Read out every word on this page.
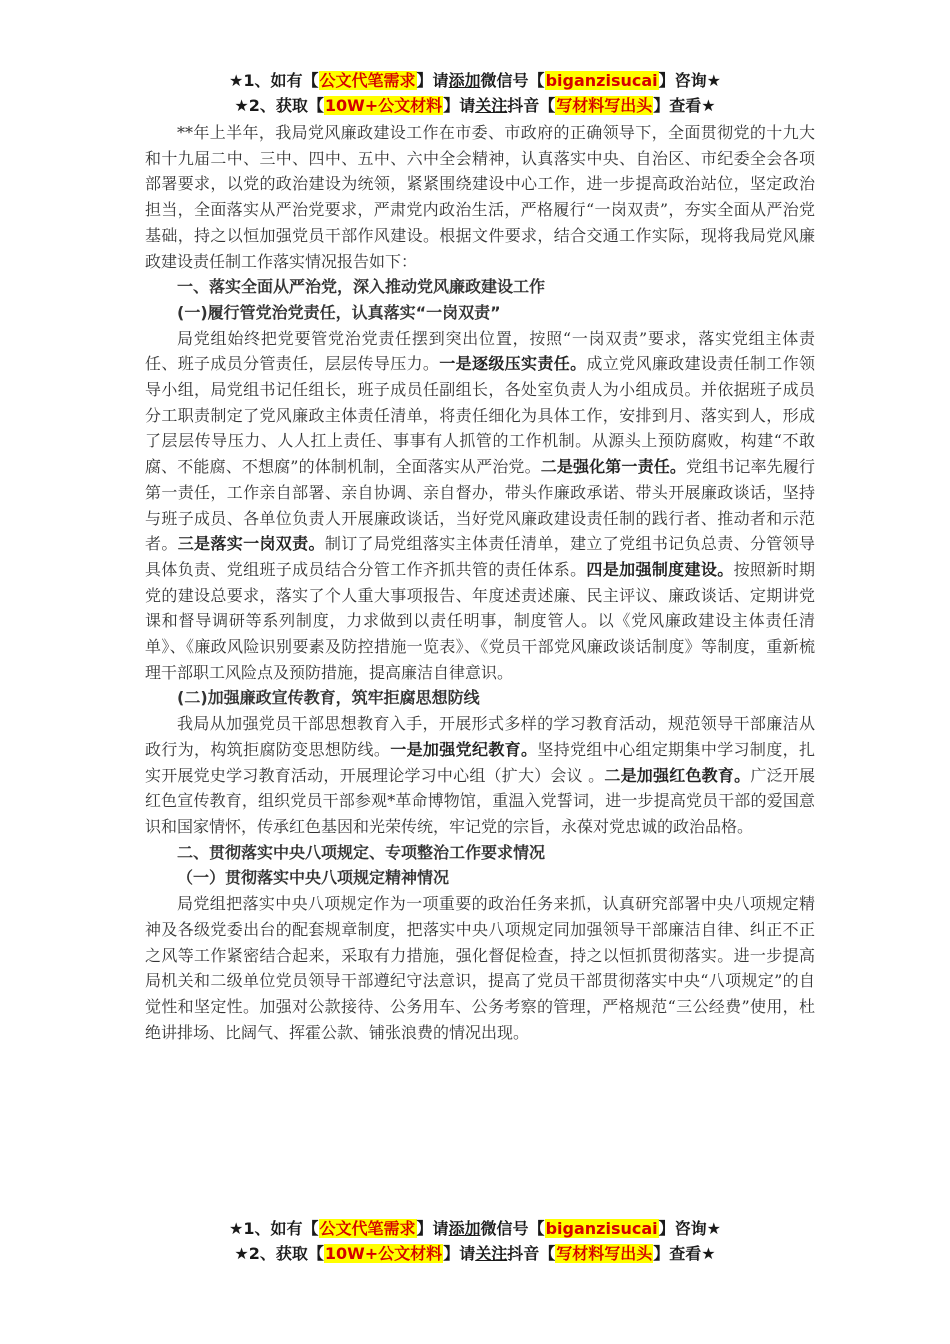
★1、如有【公文代笔需求】请添加微信号【biganzisucai】咨询★
★2、获取【10W+公文材料】请关注抖音【写材料写出头】查看★

**年上半年，我局党风廉政建设工作在市委、市政府的正确领导下，全面贯彻党的十九大和十九届二中、三中、四中、五中、六中全会精神，认真落实中央、自治区、市纪委全会各项部署要求，以党的政治建设为统领，紧紧围绕建设中心工作，进一步提高政治站位，坚定政治担当，全面落实从严治党要求，严肃党内政治生活，严格履行“一岗双责”，夯实全面从严治党基础，持之以恒加强党员干部作风建设。根据文件要求，结合交通工作实际，现将我局党风廉政建设责任制工作落实情况报告如下：

一、落实全面从严治党，深入推动党风廉政建设工作

(一)履行管党治党责任，认真落实“一岗双责”

局党组始终把党要管党治党责任摆到突出位置，按照“一岗双责”要求，落实党组主体责任、班子成员分管责任，层层传导压力。一是逐级压实责任。成立党风廉政建设责任制工作领导小组，局党组书记任组长，班子成员任副组长，各处室负责人为小组成员。并依据班子成员分工职责制定了党风廉政主体责任清单，将责任细化为具体工作，安排到月、落实到人，形成了层层传导压力、人人扛上责任、事事有人抓管的工作机制。从源头上预防腐败，构建“不敢腐、不能腐、不想腐”的体制机制，全面落实从严治党。二是强化第一责任。党组书记率先履行第一责任，工作亲自部署、亲自协调、亲自督办，带头作廉政承诺、带头开展廉政谈话，坚持与班子成员、各单位负责人开展廉政谈话，当好党风廉政建设责任制的践行者、推动者和示范者。三是落实一岗双责。制订了局党组落实主体责任清单，建立了党组书记负总责、分管领导具体负责、党组班子成员结合分管工作齐抓共管的责任体系。四是加强制度建设。按照新时期党的建设总要求，落实了个人重大事项报告、年度述责述廉、民主评议、廉政谈话、定期讲党课和督导调研等系列制度，力求做到以责任明事，制度管人。以《党风廉政建设主体责任清单》、《廉政风险识别要素及防控措施一览表》、《党员干部党风廉政谈话制度》等制度，重新梳理干部职工风险点及预防措施，提高廉洁自律意识。

(二)加强廉政宣传教育，筑牢拒腐思想防线

我局从加强党员干部思想教育入手，开展形式多样的学习教育活动，规范领导干部廉洁从政行为，构筑拒腐防变思想防线。一是加强党纪教育。坚持党组中心组定期集中学习制度，扎实开展党史学习教育活动，开展理论学习中心组（扩大）会议 。二是加强红色教育。广泛开展红色宣传教育，组织党员干部参观*革命博物馆，重温入党誓词，进一步提高党员干部的爱国意识和国家情怀，传承红色基因和光荣传统，牢记党的宗旨，永葆对党忠诚的政治品格。

二、贯彻落实中央八项规定、专项整治工作要求情况

（一）贯彻落实中央八项规定精神情况

局党组把落实中央八项规定作为一项重要的政治任务来抓，认真研究部署中央八项规定精神及各级党委出台的配套规章制度，把落实中央八项规定同加强领导干部廉洁自律、纠正不正之风等工作紧密结合起来，采取有力措施，强化督促检查，持之以恒抓贯彻落实。进一步提高局机关和二级单位党员领导干部遵纪守法意识，提高了党员干部贯彻落实中央“八项规定”的自觉性和坚定性。加强对公款接待、公务用车、公务考察的管理，严格规范“三公经费”使用，杜绝讲排场、比阔气、挥霍公款、铺张浪费的情况出现。

★1、如有【公文代笔需求】请添加微信号【biganzisucai】咨询★
★2、获取【10W+公文材料】请关注抖音【写材料写出头】查看★
